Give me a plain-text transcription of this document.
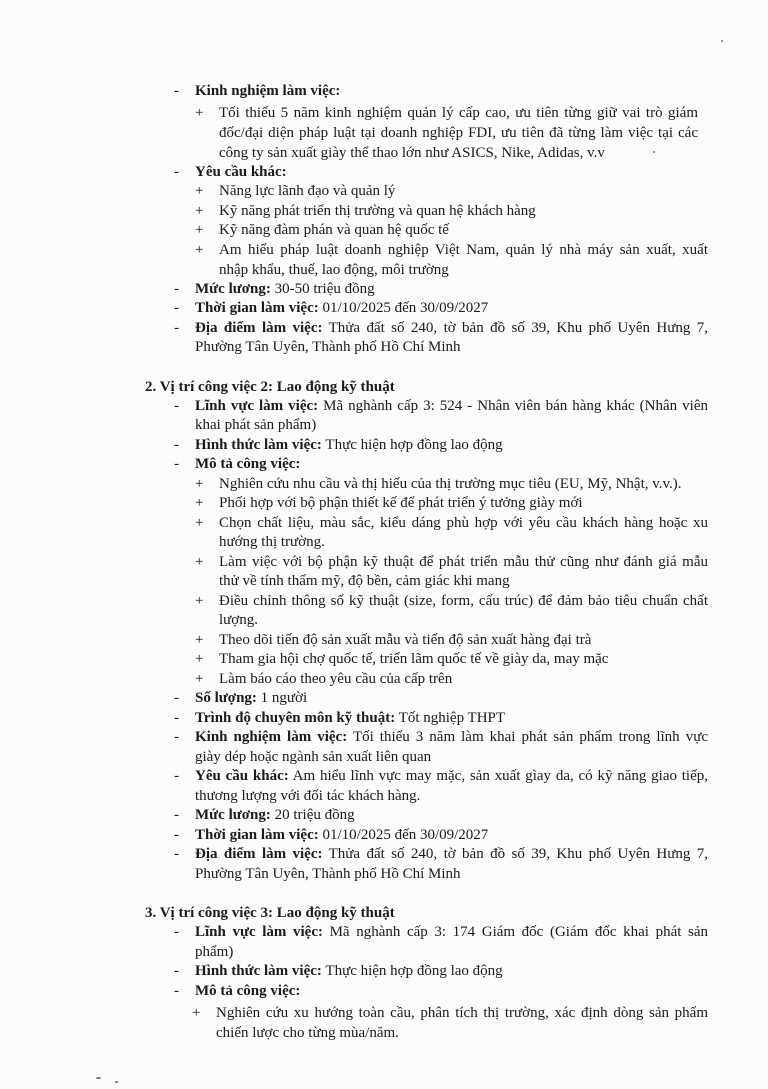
- Kinh nghiệm làm việc:
+ Tối thiểu 5 năm kinh nghiệm quản lý cấp cao, ưu tiên từng giữ vai trò giám
đốc/đại diện pháp luật tại doanh nghiệp FDI, ưu tiên đã từng làm việc tại các
công ty sản xuất giày thể thao lớn như ASICS, Nike, Adidas, v.v
- Yêu cầu khác:
+ Năng lực lãnh đạo và quản lý
+ Kỹ năng phát triển thị trường và quan hệ khách hàng
+ Kỹ năng đàm phán và quan hệ quốc tế
+ Am hiểu pháp luật doanh nghiệp Việt Nam, quản lý nhà máy sản xuất, xuất
nhập khẩu, thuế, lao động, môi trường
- Mức lương: 30-50 triệu đồng
- Thời gian làm việc: 01/10/2025 đến 30/09/2027
- Địa điểm làm việc: Thửa đất số 240, tờ bản đồ số 39, Khu phố Uyên Hưng 7,
Phường Tân Uyên, Thành phố Hồ Chí Minh
2. Vị trí công việc 2: Lao động kỹ thuật
- Lĩnh vực làm việc: Mã nghành cấp 3: 524 - Nhân viên bán hàng khác (Nhân viên
khai phát sản phẩm)
- Hình thức làm việc: Thực hiện hợp đồng lao động
- Mô tả công việc:
+ Nghiên cứu nhu cầu và thị hiếu của thị trường mục tiêu (EU, Mỹ, Nhật, v.v.).
+ Phối hợp với bộ phận thiết kế để phát triển ý tưởng giày mới
+ Chọn chất liệu, màu sắc, kiểu dáng phù hợp với yêu cầu khách hàng hoặc xu
hướng thị trường.
+ Làm việc với bộ phận kỹ thuật để phát triển mẫu thử cũng như đánh giá mẫu
thử về tính thẩm mỹ, độ bền, cảm giác khi mang
+ Điều chỉnh thông số kỹ thuật (size, form, cấu trúc) để đảm bảo tiêu chuẩn chất
lượng.
+ Theo dõi tiến độ sản xuất mẫu và tiến độ sản xuất hàng đại trà
+ Tham gia hội chợ quốc tế, triển lãm quốc tế về giày da, may mặc
+ Làm báo cáo theo yêu cầu của cấp trên
- Số lượng: 1 người
- Trình độ chuyên môn kỹ thuật: Tốt nghiệp THPT
- Kinh nghiệm làm việc: Tối thiểu 3 năm làm khai phát sản phẩm trong lĩnh vực
giày dép hoặc ngành sản xuất liên quan
- Yêu cầu khác: Am hiểu lĩnh vực may mặc, sản xuất gìay da, có kỹ năng giao tiếp,
thương lượng với đối tác khách hàng.
- Mức lương: 20 triệu đồng
- Thời gian làm việc: 01/10/2025 đến 30/09/2027
- Địa điểm làm việc: Thửa đất số 240, tờ bản đồ số 39, Khu phố Uyên Hưng 7,
Phường Tân Uyên, Thành phố Hồ Chí Minh
3. Vị trí công việc 3: Lao động kỹ thuật
- Lĩnh vực làm việc: Mã nghành cấp 3: 174 Giám đốc (Giám đốc khai phát sản
phẩm)
- Hình thức làm việc: Thực hiện hợp đồng lao động
- Mô tả công việc:
+ Nghiên cứu xu hướng toàn cầu, phân tích thị trường, xác định dòng sản phẩm
chiến lược cho từng mùa/năm.
